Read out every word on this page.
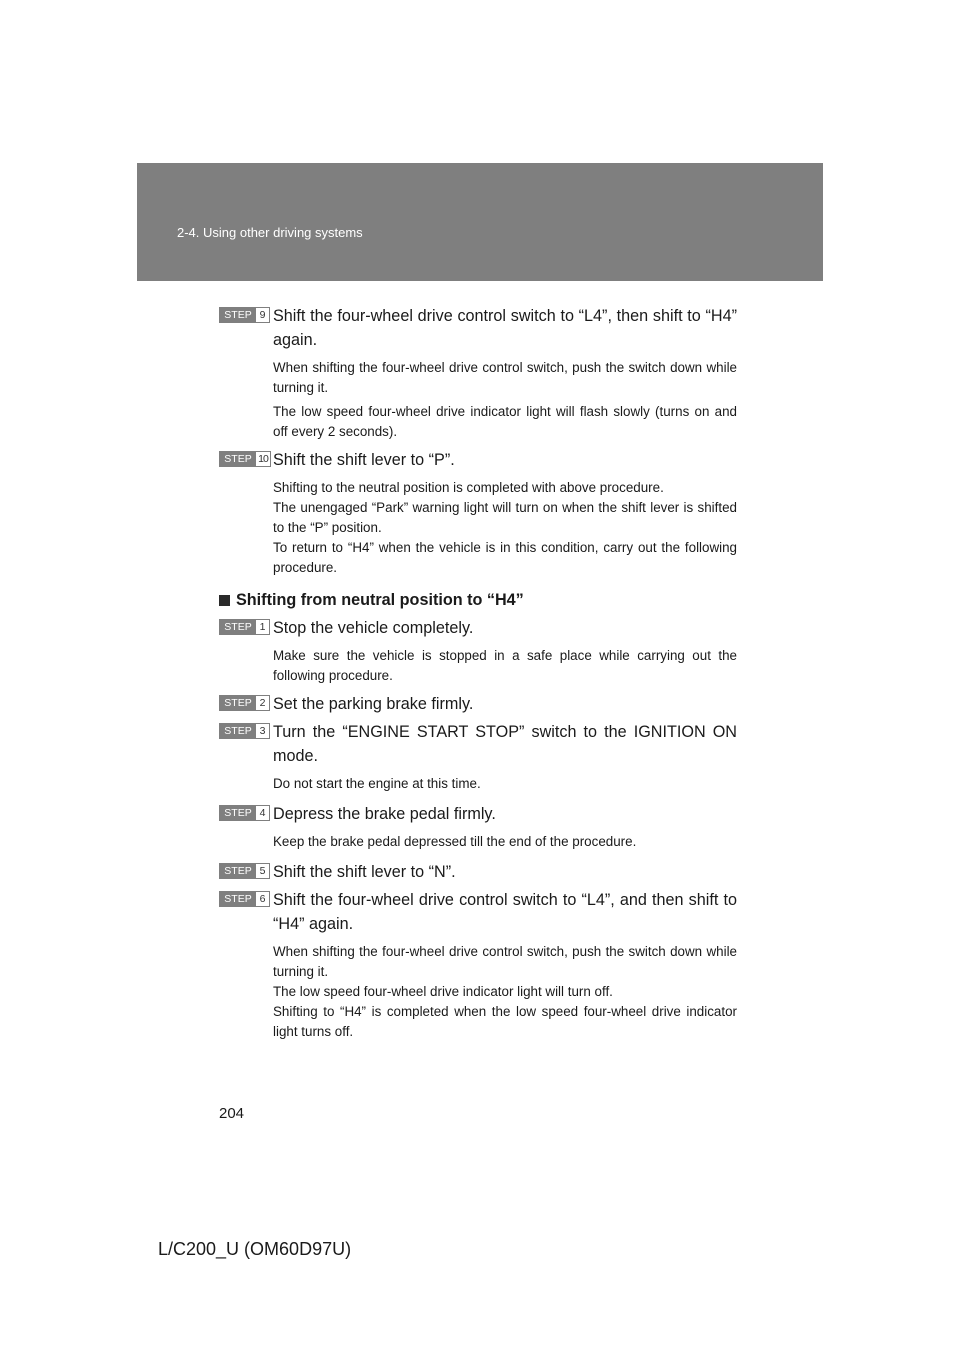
2-4. Using other driving systems
STEP 9 Shift the four-wheel drive control switch to “L4”, then shift to “H4” again.
When shifting the four-wheel drive control switch, push the switch down while turning it.
The low speed four-wheel drive indicator light will flash slowly (turns on and off every 2 seconds).
STEP 10 Shift the shift lever to “P”.
Shifting to the neutral position is completed with above procedure.
The unengaged “Park” warning light will turn on when the shift lever is shifted to the “P” position.
To return to “H4” when the vehicle is in this condition, carry out the following procedure.
Shifting from neutral position to “H4”
STEP 1 Stop the vehicle completely.
Make sure the vehicle is stopped in a safe place while carrying out the following procedure.
STEP 2 Set the parking brake firmly.
STEP 3 Turn the “ENGINE START STOP” switch to the IGNITION ON mode.
Do not start the engine at this time.
STEP 4 Depress the brake pedal firmly.
Keep the brake pedal depressed till the end of the procedure.
STEP 5 Shift the shift lever to “N”.
STEP 6 Shift the four-wheel drive control switch to “L4”, and then shift to “H4” again.
When shifting the four-wheel drive control switch, push the switch down while turning it.
The low speed four-wheel drive indicator light will turn off.
Shifting to “H4” is completed when the low speed four-wheel drive indicator light turns off.
204
L/C200_U (OM60D97U)
